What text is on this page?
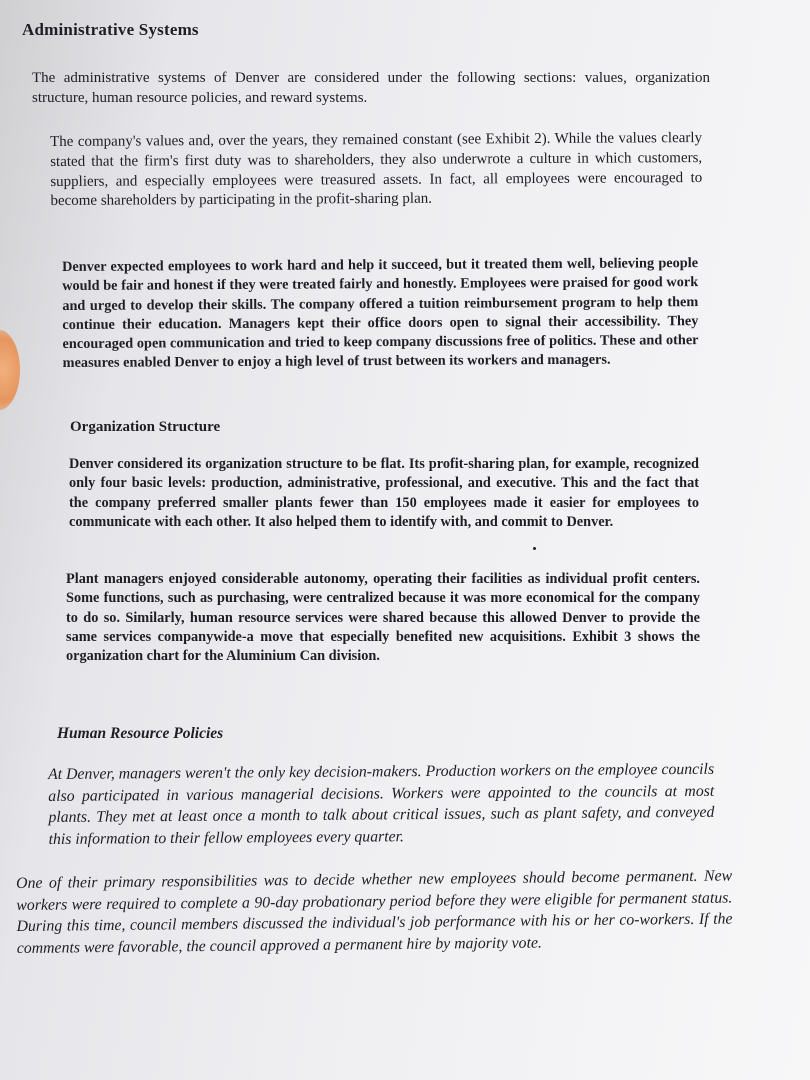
Administrative Systems

The administrative systems of Denver are considered under the following sections: values, organization structure, human resource policies, and reward systems.

The company's values and, over the years, they remained constant (see Exhibit 2). While the values clearly stated that the firm's first duty was to shareholders, they also underwrote a culture in which customers, suppliers, and especially employees were treasured assets. In fact, all employees were encouraged to become shareholders by participating in the profit-sharing plan.

Denver expected employees to work hard and help it succeed, but it treated them well, believing people would be fair and honest if they were treated fairly and honestly. Employees were praised for good work and urged to develop their skills. The company offered a tuition reimbursement program to help them continue their education. Managers kept their office doors open to signal their accessibility. They encouraged open communication and tried to keep company discussions free of politics. These and other measures enabled Denver to enjoy a high level of trust between its workers and managers.

Organization Structure

Denver considered its organization structure to be flat. Its profit-sharing plan, for example, recognized only four basic levels: production, administrative, professional, and executive. This and the fact that the company preferred smaller plants fewer than 150 employees made it easier for employees to communicate with each other. It also helped them to identify with, and commit to Denver.

Plant managers enjoyed considerable autonomy, operating their facilities as individual profit centers. Some functions, such as purchasing, were centralized because it was more economical for the company to do so. Similarly, human resource services were shared because this allowed Denver to provide the same services companywide-a move that especially benefited new acquisitions. Exhibit 3 shows the organization chart for the Aluminium Can division.

Human Resource Policies

At Denver, managers weren't the only key decision-makers. Production workers on the employee councils also participated in various managerial decisions. Workers were appointed to the councils at most plants. They met at least once a month to talk about critical issues, such as plant safety, and conveyed this information to their fellow employees every quarter.

One of their primary responsibilities was to decide whether new employees should become permanent. New workers were required to complete a 90-day probationary period before they were eligible for permanent status. During this time, council members discussed the individual's job performance with his or her co-workers. If the comments were favorable, the council approved a permanent hire by majority vote.
